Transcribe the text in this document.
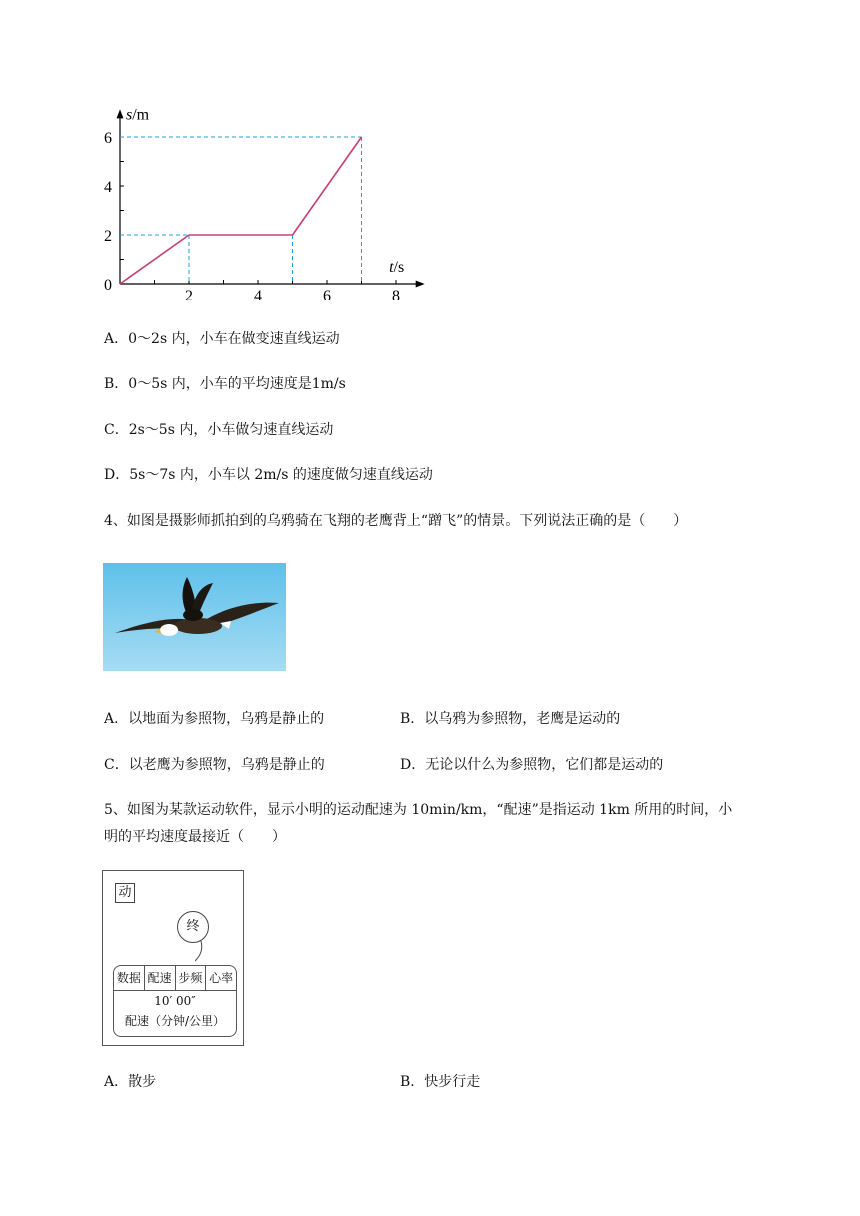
2	4	6	8
2
4
6
0
s/m
t/s
A．0～2s 内，小车在做变速直线运动
B．0～5s 内，小车的平均速度是1m/s
C．2s～5s 内，小车做匀速直线运动
D．5s～7s 内，小车以 2m/s 的速度做匀速直线运动
4、如图是摄影师抓拍到的乌鸦骑在飞翔的老鹰背上“蹭飞”的情景。下列说法正确的是（　　）
A．以地面为参照物，乌鸦是静止的	B．以乌鸦为参照物，老鹰是运动的
C．以老鹰为参照物，乌鸦是静止的	D．无论以什么为参照物，它们都是运动的
5、如图为某款运动软件，显示小明的运动配速为 10min/km，“配速”是指运动 1km 所用的时间，小
明的平均速度最接近（　　）
动
终
数据 配速 步频 心率
10′ 00″
配速（分钟/公里）
A．散步	B．快步行走
